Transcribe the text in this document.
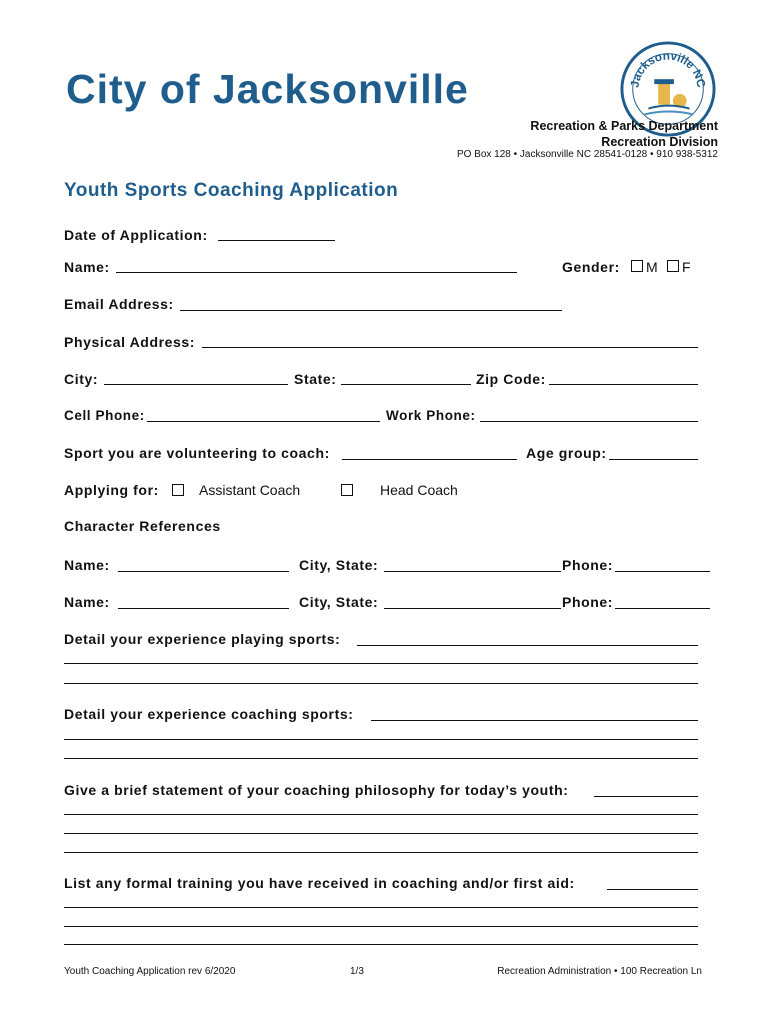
City of Jacksonville	Jacksonville NC
Recreation & Parks Department
Recreation Division
PO Box 128 • Jacksonville NC 28541-0128 • 910 938-5312
Youth Sports Coaching Application
Date of Application:
Name:	Gender: M F
Email Address:
Physical Address:
City:	State:	Zip Code:
Cell Phone:	Work Phone:
Sport you are volunteering to coach:	Age group:
Applying for:	Assistant Coach	Head Coach
Character References
Name:	City, State:	Phone:
Name:	City, State:	Phone:
Detail your experience playing sports:
Detail your experience coaching sports:
Give a brief statement of your coaching philosophy for today’s youth:
List any formal training you have received in coaching and/or first aid:
Youth Coaching Application rev 6/2020	1/3	Recreation Administration • 100 Recreation Ln
